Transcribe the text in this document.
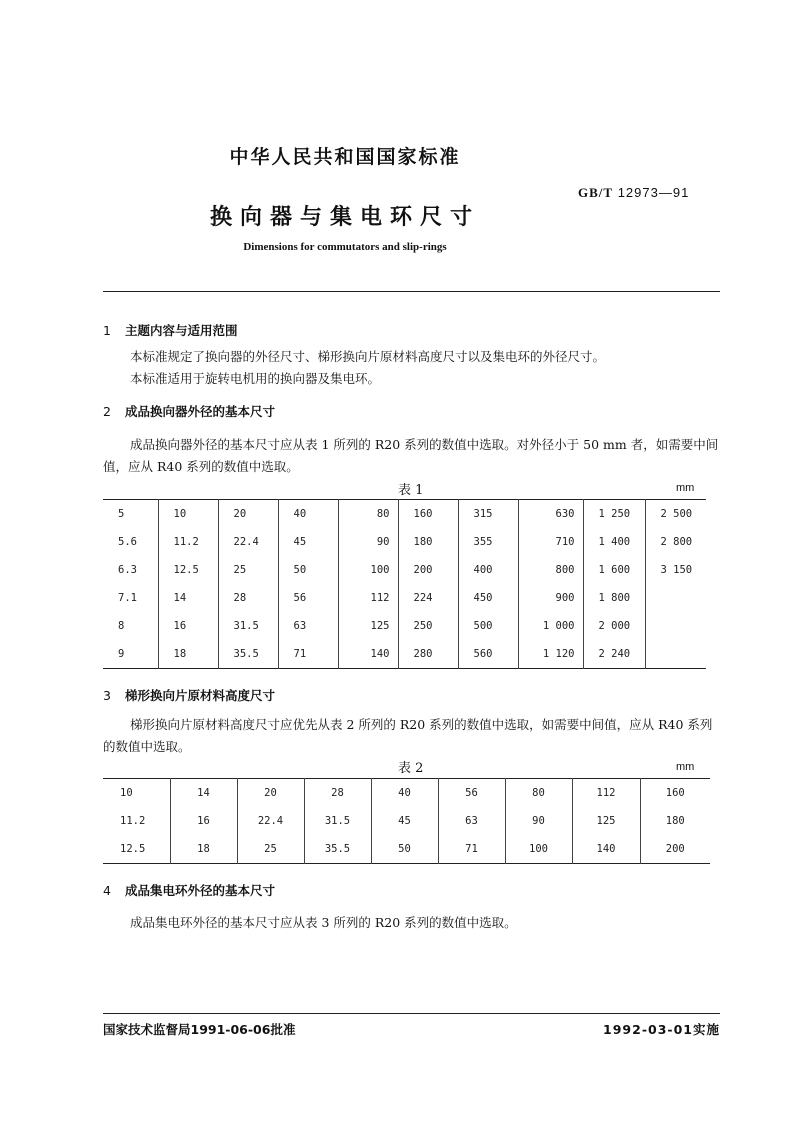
中华人民共和国国家标准
GB/T 12973—91
换向器与集电环尺寸
Dimensions for commutators and slip-rings
1 主题内容与适用范围
本标准规定了换向器的外径尺寸、梯形换向片原材料高度尺寸以及集电环的外径尺寸。
本标准适用于旋转电机用的换向器及集电环。
2 成品换向器外径的基本尺寸
成品换向器外径的基本尺寸应从表 1 所列的 R20 系列的数值中选取。对外径小于 50 mm 者，如需要中间值，应从 R40 系列的数值中选取。
表 1	mm
5	10	20	40	80	160	315	630	1 250	2 500
5.6	11.2	22.4	45	90	180	355	710	1 400	2 800
6.3	12.5	25	50	100	200	400	800	1 600	3 150
7.1	14	28	56	112	224	450	900	1 800	
8	16	31.5	63	125	250	500	1 000	2 000	
9	18	35.5	71	140	280	560	1 120	2 240	
3 梯形换向片原材料高度尺寸
梯形换向片原材料高度尺寸应优先从表 2 所列的 R20 系列的数值中选取，如需要中间值，应从 R40 系列的数值中选取。
表 2	mm
10	14	20	28	40	56	80	112	160
11.2	16	22.4	31.5	45	63	90	125	180
12.5	18	25	35.5	50	71	100	140	200
4 成品集电环外径的基本尺寸
成品集电环外径的基本尺寸应从表 3 所列的 R20 系列的数值中选取。
国家技术监督局1991-06-06批准	1992-03-01实施
